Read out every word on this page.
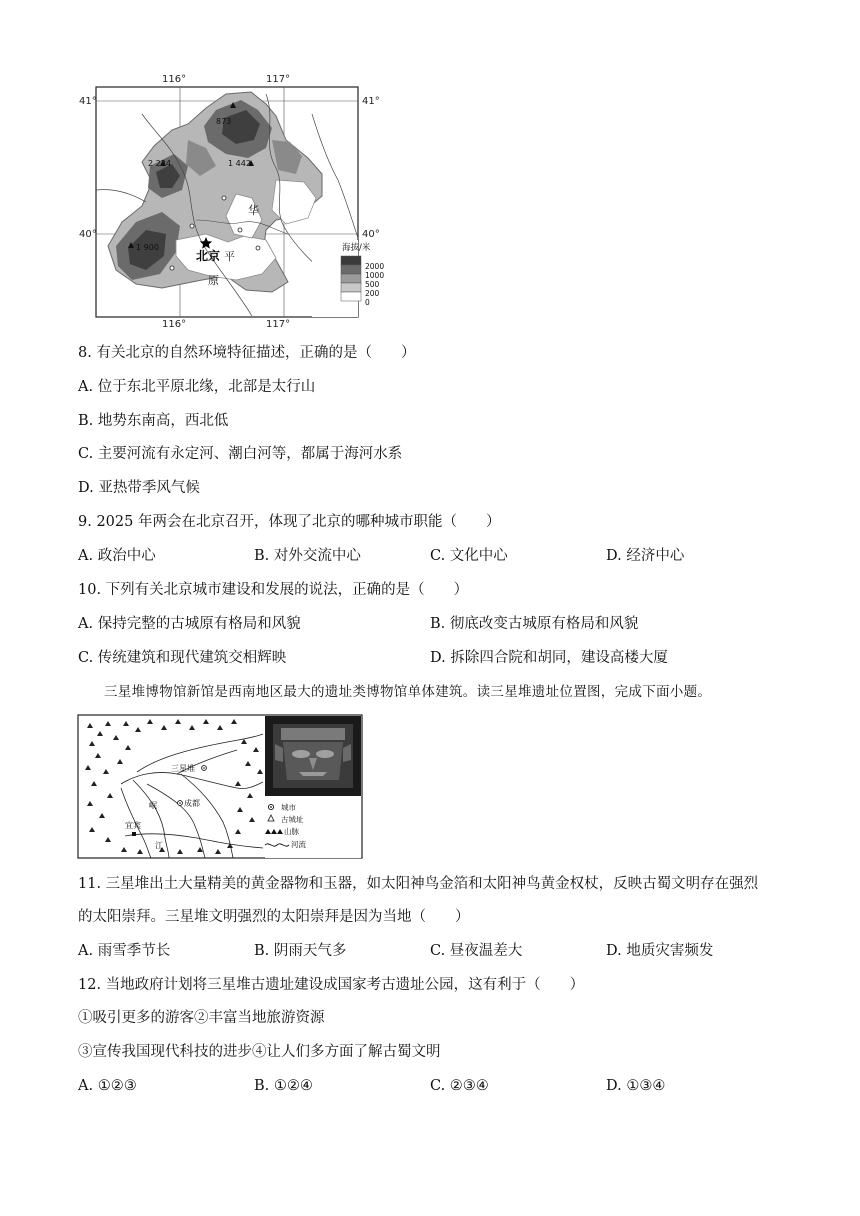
116°	117°
116°	117°
41°
40°
41°
40°
873
1 442
2 224
1 900
北京
华
平
原
海拔/米
2000
1000
500
200
0
8. 有关北京的自然环境特征描述，正确的是（　　）
A. 位于东北平原北缘，北部是太行山
B. 地势东南高，西北低
C. 主要河流有永定河、潮白河等，都属于海河水系
D. 亚热带季风气候
9. 2025 年两会在北京召开，体现了北京的哪种城市职能（　　）
A. 政治中心	B. 对外交流中心	C. 文化中心	D. 经济中心
10. 下列有关北京城市建设和发展的说法，正确的是（　　）
A. 保持完整的古城原有格局和风貌	B. 彻底改变古城原有格局和风貌
C. 传统建筑和现代建筑交相辉映	D. 拆除四合院和胡同，建设高楼大厦
三星堆博物馆新馆是西南地区最大的遗址类博物馆单体建筑。读三星堆遗址位置图，完成下面小题。
三星堆
成都
岷
江
宜宾
城市
古城址
山脉
河流
11. 三星堆出土大量精美的黄金器物和玉器，如太阳神鸟金箔和太阳神鸟黄金权杖，反映古蜀文明存在强烈
的太阳崇拜。三星堆文明强烈的太阳崇拜是因为当地（　　）
A. 雨雪季节长	B. 阴雨天气多	C. 昼夜温差大	D. 地质灾害频发
12. 当地政府计划将三星堆古遗址建设成国家考古遗址公园，这有利于（　　）
①吸引更多的游客②丰富当地旅游资源
③宣传我国现代科技的进步④让人们多方面了解古蜀文明
A. ①②③	B. ①②④	C. ②③④	D. ①③④
